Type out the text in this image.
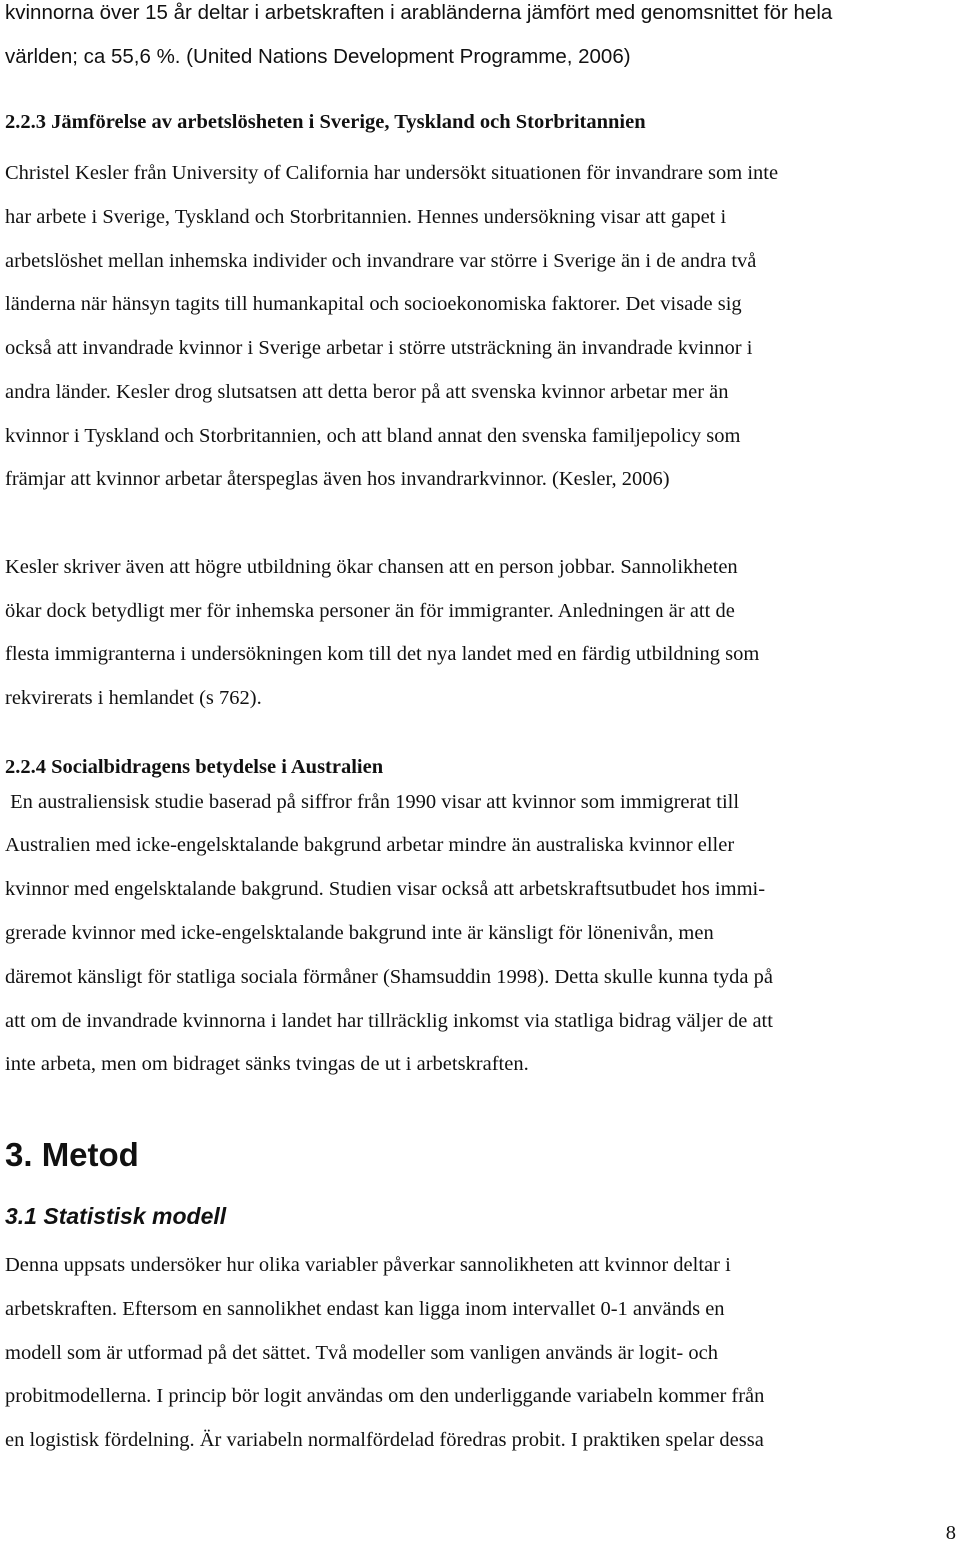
kvinnorna över 15 år deltar i arbetskraften i arabländerna jämfört med genomsnittet för hela
världen; ca 55,6 %. (United Nations Development Programme, 2006)
2.2.3 Jämförelse av arbetslösheten i Sverige, Tyskland och Storbritannien
Christel Kesler från University of California har undersökt situationen för invandrare som inte
har arbete i Sverige, Tyskland och Storbritannien. Hennes undersökning visar att gapet i
arbetslöshet mellan inhemska individer och invandrare var större i Sverige än i de andra två
länderna när hänsyn tagits till humankapital och socioekonomiska faktorer. Det visade sig
också att invandrade kvinnor i Sverige arbetar i större utsträckning än invandrade kvinnor i
andra länder. Kesler drog slutsatsen att detta beror på att svenska kvinnor arbetar mer än
kvinnor i Tyskland och Storbritannien, och att bland annat den svenska familjepolicy som
främjar att kvinnor arbetar återspeglas även hos invandrarkvinnor. (Kesler, 2006)
Kesler skriver även att högre utbildning ökar chansen att en person jobbar. Sannolikheten
ökar dock betydligt mer för inhemska personer än för immigranter. Anledningen är att de
flesta immigranterna i undersökningen kom till det nya landet med en färdig utbildning som
rekvirerats i hemlandet (s 762).
2.2.4 Socialbidragens betydelse i Australien
En australiensisk studie baserad på siffror från 1990 visar att kvinnor som immigrerat till
Australien med icke-engelsktalande bakgrund arbetar mindre än australiska kvinnor eller
kvinnor med engelsktalande bakgrund. Studien visar också att arbetskraftsutbudet hos immi-
grerade kvinnor med icke-engelsktalande bakgrund inte är känsligt för lönenivån, men
däremot känsligt för statliga sociala förmåner (Shamsuddin 1998). Detta skulle kunna tyda på
att om de invandrade kvinnorna i landet har tillräcklig inkomst via statliga bidrag väljer de att
inte arbeta, men om bidraget sänks tvingas de ut i arbetskraften.
3. Metod
3.1 Statistisk modell
Denna uppsats undersöker hur olika variabler påverkar sannolikheten att kvinnor deltar i
arbetskraften. Eftersom en sannolikhet endast kan ligga inom intervallet 0-1 används en
modell som är utformad på det sättet. Två modeller som vanligen används är logit- och
probitmodellerna. I princip bör logit användas om den underliggande variabeln kommer från
en logistisk fördelning. Är variabeln normalfördelad föredras probit. I praktiken spelar dessa
8
